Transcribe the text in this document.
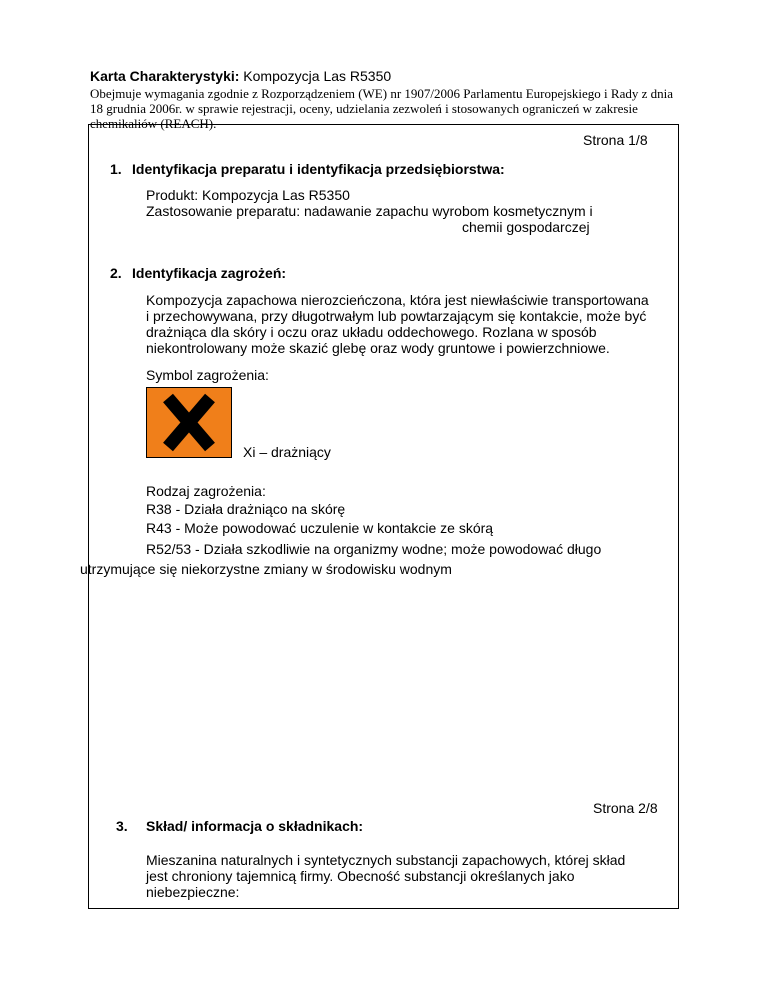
Karta Charakterystyki: Kompozycja Las R5350
Obejmuje wymagania zgodnie z Rozporządzeniem (WE) nr 1907/2006 Parlamentu Europejskiego i Rady z dnia
18 grudnia 2006r. w sprawie rejestracji, oceny, udzielania zezwoleń i stosowanych ograniczeń w zakresie
chemikaliów (REACH).
Strona 1/8
1. Identyfikacja preparatu i identyfikacja przedsiębiorstwa:
Produkt: Kompozycja Las R5350
Zastosowanie preparatu: nadawanie zapachu wyrobom kosmetycznym i
chemii gospodarczej
2. Identyfikacja zagrożeń:
Kompozycja zapachowa nierozcieńczona, która jest niewłaściwie transportowana
i przechowywana, przy długotrwałym lub powtarzającym się kontakcie, może być
drażniąca dla skóry i oczu oraz układu oddechowego. Rozlana w sposób
niekontrolowany może skazić glebę oraz wody gruntowe i powierzchniowe.
Symbol zagrożenia:
Xi – drażniący
Rodzaj zagrożenia:
R38 - Działa drażniąco na skórę
R43 - Może powodować uczulenie w kontakcie ze skórą
R52/53 - Działa szkodliwie na organizmy wodne; może powodować długo
utrzymujące się niekorzystne zmiany w środowisku wodnym
Strona 2/8
3. Skład/ informacja o składnikach:
Mieszanina naturalnych i syntetycznych substancji zapachowych, której skład
jest chroniony tajemnicą firmy. Obecność substancji określanych jako
niebezpieczne:
